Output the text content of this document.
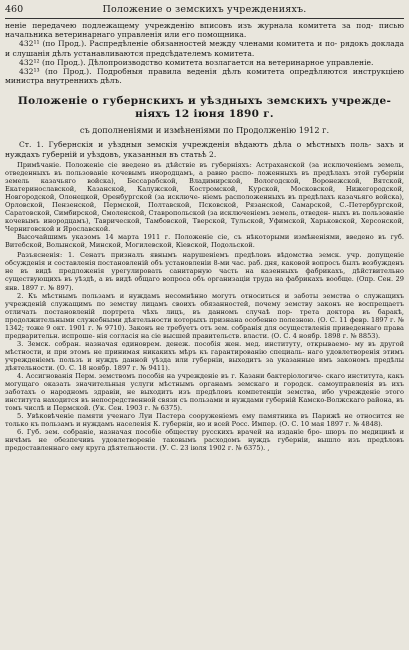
460	Положение о земскихъ учрежденияхъ.

ненiе передачею подлежащему учрежденiю вписовъ изъ журнала комитета за под- писью начальника ветеринарнаго управленiя или его помощника.

432¹¹ (по Прод.). Распредѣленiе обязанностей между членами комитета и по- рядокъ доклада и слушанiя дѣлъ устанавливаются предсѣдателемъ комитета.

432¹² (по Прод.). Дѣлопроизводство комитета возлагается на ветеринарное управленiе.

432¹³ (по Прод.). Подробныя правила веденiя дѣлъ комитета опредѣляются инструкцiею министра внутреннихъ дѣлъ.

Положенiе о губернскихъ и уѣздныхъ земскихъ учрежде-
нiяхъ 12 iюня 1890 г.
съ дополненiями и измѣненiями по Продолженiю 1912 г.

Ст. 1. Губернскiя и уѣздныя земскiя учрежденiя вѣдаютъ дѣла о мѣстныхъ поль- захъ и нуждахъ губернiй и уѣздовъ, указанныя въ статьѣ 2.

Примѣчанiе. Положенiе сiе введено въ дѣйствiе въ губернiяхъ: Астраханской (за исключенiемъ земель, отведенныхъ въ пользованiе кочевымъ инородцамъ, а равно распо- ложенныхъ въ предѣлахъ этой губернiи земель казачьяго войска), Бессарабской, Владимирской, Вологодской, Воронежской, Вятской, Екатеринославской, Казанской, Калужской, Костромской, Курской, Московской, Нижегородской, Новгородской, Олонецкой, Оренбургской (за исключе- нiемъ расположенныхъ въ предѣлахъ казачьяго войска), Орловской, Пензенской, Пермской, Полтавской, Псковской, Рязанской, Самарской, С.-Петербургской, Саратовской, Симбирской, Смоленской, Ставропольской (за исключенiемъ земель, отведен- ныхъ въ пользованiе кочевымъ инородцамъ), Таврической, Тамбовской, Тверской, Тульской, Уфимской, Харьковской, Херсонской, Черниговской и Ярославской.

Высочайшимъ указомъ 14 марта 1911 г. Положенiе сiе, съ нѣкоторыми измѣненiями, введено въ губ. Витебской, Волынской, Минской, Могилевской, Кiевской, Подольской.

Разъясненiя: 1. Сенатъ призналъ явнымъ нарушенiемъ предѣловъ вѣдомства земск. учр. допущенiе обсужденiя и составленiя постановленiй объ установленiи 8-ми час. раб. дня, каковой вопросъ былъ возбужденъ не въ видѣ предложенiя урегулировать санитарную часть на казенныхъ фабрикахъ, дѣйствительно существующихъ въ уѣздѣ, а въ видѣ общаго вопроса объ организацiи труда на фабрикахъ вообще. (Опр. Сен. 29 янв. 1897 г. № 897).

2. Къ мѣстнымъ пользамъ и нуждамъ несомнѣнно могутъ относиться и заботы земства о служащихъ учрежденiй служащимъ по земству лицамъ своихъ обязанностей, почему земству законъ не воспрещаетъ отличать постановленiй портрета чѣхъ лицъ, въ данномъ случаѣ пор- трета доктора въ баракѣ, продолжительными служебными дѣятельности которыхъ признана особенно полезною. (О. С. 11 февр. 1897 г. № 1342; тоже 9 окт. 1901 г. № 9710). Законъ не требуетъ отъ зем. собранiя для осуществленiя приведеннаго права предварительн. испроше- нiя согласiя на сiе высшей правительств. власти. (О. С. 4 ноябр. 1898 г. № 8853).

3. Земск. собран. назначая единоврем. денеж. пособiя жен. мед. институту, открываемо- му въ другой мѣстности, и при этомъ не принимая никакихъ мѣръ къ гарантированiю специаль- наго удовлетворенiя этимъ учрежденiемъ пользъ и нуждъ данной уѣзда или губернiи, выходитъ за указанные имъ закономъ предѣлы дѣятельности. (О. С. 18 ноябр. 1897 г. № 9411).

4. Ассигнованiя Перм. земствомъ пособiя на учрежденiе въ г. Казани бактерiологиче- скаго института, какъ могущаго оказать значительныя услуги мѣстнымъ органамъ земскаго и городск. самоуправленiя въ ихъ заботахъ о народномъ здравiи, не выходитъ изъ предѣловъ компетенцiи земства, ибо учрежденiе этого института находится въ непосредственной связи съ пользами и нуждами губернiй Камско-Волжскаго района, въ томъ числѣ и Пермской. (Ук. Сен. 1903 г. № 6375).

5. Увѣковѣченiе памяти ученаго Луи Пастера сооруженiемъ ему памятника въ Парижѣ не относится не только къ пользамъ и нуждамъ населенiя К. губернiи, но и всей Росс. Импер. (О. С. 10 мая 1897 г. № 4848).

6. Губ. зем. собранiе, назначая пособiе обществу русскихъ врачей на изданiе бро- шюръ по медицинѣ и ничѣмъ не обезпечивъ удовлетворенiе таковымъ расходомъ нуждъ губернiи, вышло изъ предѣловъ предоставленнаго ему круга дѣятельности. (У. С. 23 iюля 1902 г. № 6375). ,
